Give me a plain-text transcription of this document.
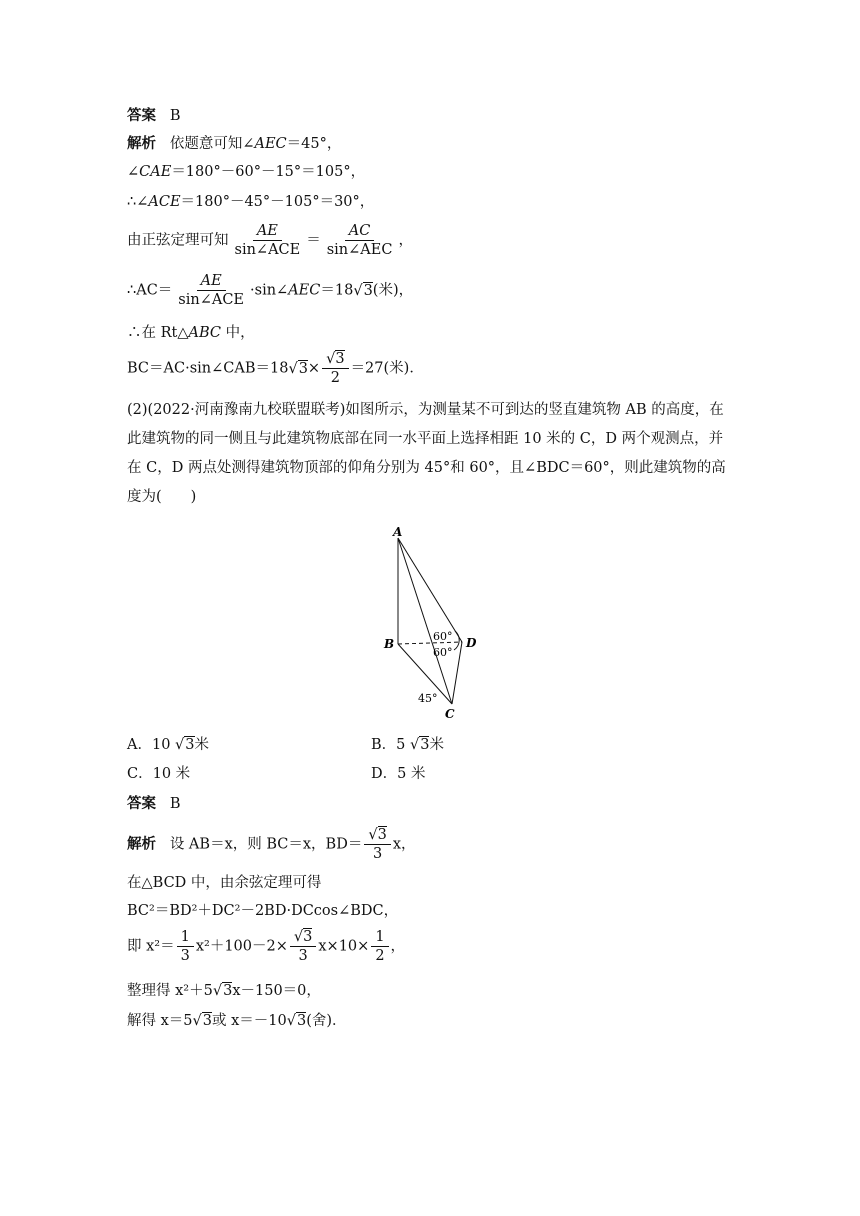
答案 B
解析 依题意可知∠AEC＝45°，
∠CAE＝180°－60°－15°＝105°，
∴∠ACE＝180°－45°－105°＝30°，
由正弦定理可知 $\frac{AE}{\text{sin∠ACE}} = \frac{AC}{\text{sin∠AEC}}$ ，
∴AC＝ $\frac{AE}{\text{sin∠ACE}}$ ·sin∠AEC＝18√3(米)，
∴在 Rt△ABC 中，
BC＝AC·sin∠CAB＝18√3× $\frac{√3}{2} =27$(米)．
(2)(2022·河南豫南九校联盟联考)如图所示，为测量某不可到达的竖直建筑物 AB 的高度，在
此建筑物的同一侧且与此建筑物底部在同一水平面上选择相距 10 米的 C，D 两个观测点，并
在 C，D 两点处测得建筑物顶部的仰角分别为 45°和 60°，且∠BDC＝60°，则此建筑物的高
度为(　　)
A
B	D
C
60°
60°
45°
A．10 √3米	B．5 √3米
C．10 米	D．5 米
答案 B
解析 设 AB＝x，则 BC＝x，$BD= \frac{√3}{3}$ x，
在△BCD 中，由余弦定理可得
BC²＝BD²＋DC²－2BD·DCcos∠BDC，
即 $x^2= \frac{1}{3} x^2+100-2\times \frac{√3}{3} x\times 10\times \frac{1}{2}$ ，
整理得 x²＋5√3x－150＝0，
解得 x＝5√3或 x＝－10√3(舍)．
